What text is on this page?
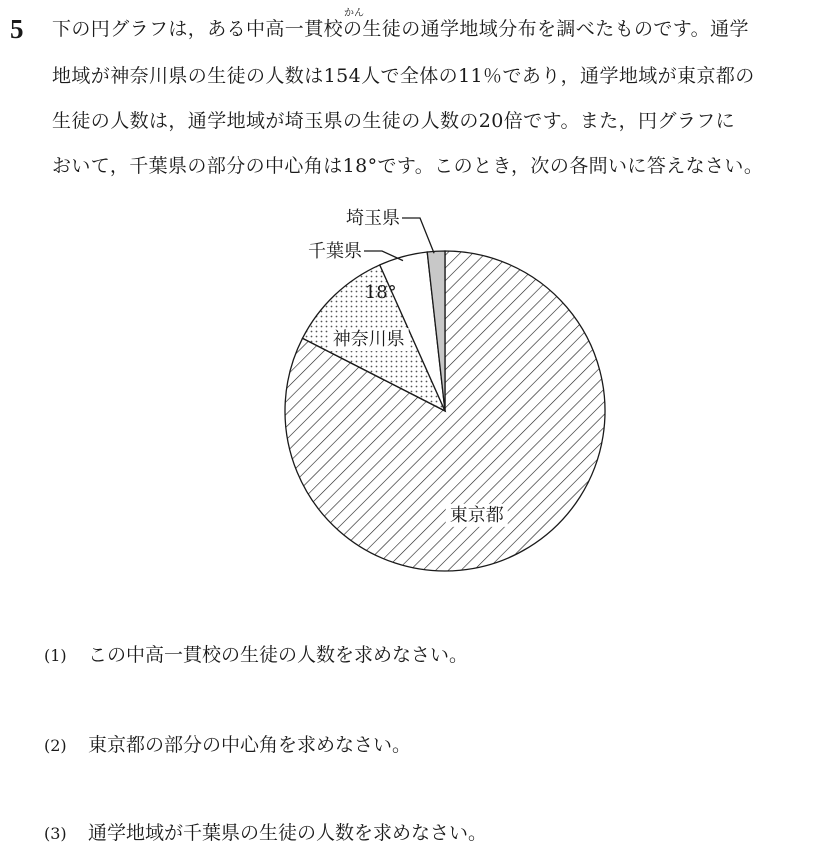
5
かん
下の円グラフは，ある中高一貫校の生徒の通学地域分布を調べたものです。通学
地域が神奈川県の生徒の人数は154人で全体の11％であり，通学地域が東京都の
生徒の人数は，通学地域が埼玉県の生徒の人数の20倍です。また，円グラフに
おいて，千葉県の部分の中心角は18°です。このとき，次の各問いに答えなさい。
東京都
神奈川県
18°
千葉県
埼玉県
(1) この中高一貫校の生徒の人数を求めなさい。
(2) 東京都の部分の中心角を求めなさい。
(3) 通学地域が千葉県の生徒の人数を求めなさい。
